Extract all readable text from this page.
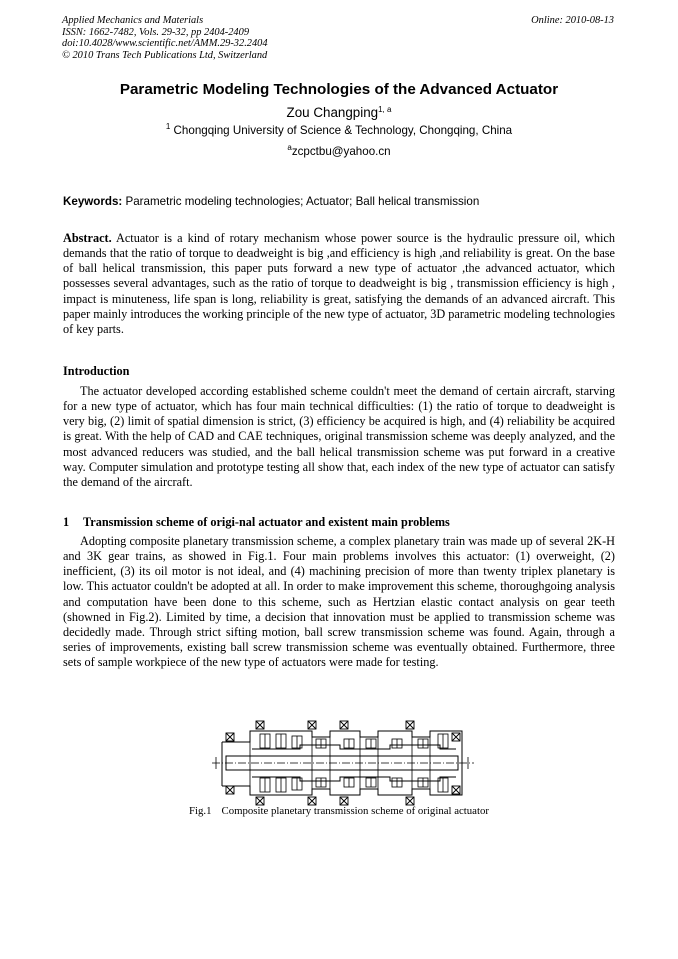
Applied Mechanics and Materials
ISSN: 1662-7482, Vols. 29-32, pp 2404-2409
doi:10.4028/www.scientific.net/AMM.29-32.2404
© 2010 Trans Tech Publications Ltd, Switzerland
Online: 2010-08-13
Parametric Modeling Technologies of the Advanced Actuator
Zou Changping$^{1, a}$
$^1$ Chongqing University of Science & Technology, Chongqing, China
$^a$zcpctbu@yahoo.cn
Keywords: Parametric modeling technologies; Actuator; Ball helical transmission
Abstract. Actuator is a kind of rotary mechanism whose power source is the hydraulic pressure oil, which demands that the ratio of torque to deadweight is big ,and efficiency is high ,and reliability is great. On the base of ball helical transmission, this paper puts forward a new type of actuator ,the advanced actuator, which possesses several advantages, such as the ratio of torque to deadweight is big , transmission efficiency is high , impact is minuteness, life span is long, reliability is great, satisfying the demands of an advanced aircraft. This paper mainly introduces the working principle of the new type of actuator, 3D parametric modeling technologies of key parts.
Introduction
The actuator developed according established scheme couldn't meet the demand of certain aircraft, starving for a new type of actuator, which has four main technical difficulties: (1) the ratio of torque to deadweight is very big, (2) limit of spatial dimension is strict, (3) efficiency be acquired is high, and (4) reliability be acquired is great. With the help of CAD and CAE techniques, original transmission scheme was deeply analyzed, and the most advanced reducers was studied, and the ball helical transmission scheme was put forward in a creative way. Computer simulation and prototype testing all show that, each index of the new type of actuator can satisfy the demand of the aircraft.
1 Transmission scheme of origi-nal actuator and existent main problems
Adopting composite planetary transmission scheme, a complex planetary train was made up of several 2K-H and 3K gear trains, as showed in Fig.1. Four main problems involves this actuator: (1) overweight, (2) inefficient, (3) its oil motor is not ideal, and (4) machining precision of more than twenty triplex planetary is low. This actuator couldn't be adopted at all. In order to make improvement this scheme, thoroughgoing analysis and computation have been done to this scheme, such as Hertzian elastic contact analysis on gear teeth (showned in Fig.2). Limited by time, a decision that innovation must be applied to transmission scheme was decidedly made. Through strict sifting motion, ball screw transmission scheme was found. Again, through a series of improvements, existing ball screw transmission scheme was eventually obtained. Furthermore, three sets of sample workpiece of the new type of actuators were made for testing.
Fig.1 Composite planetary transmission scheme of original actuator
